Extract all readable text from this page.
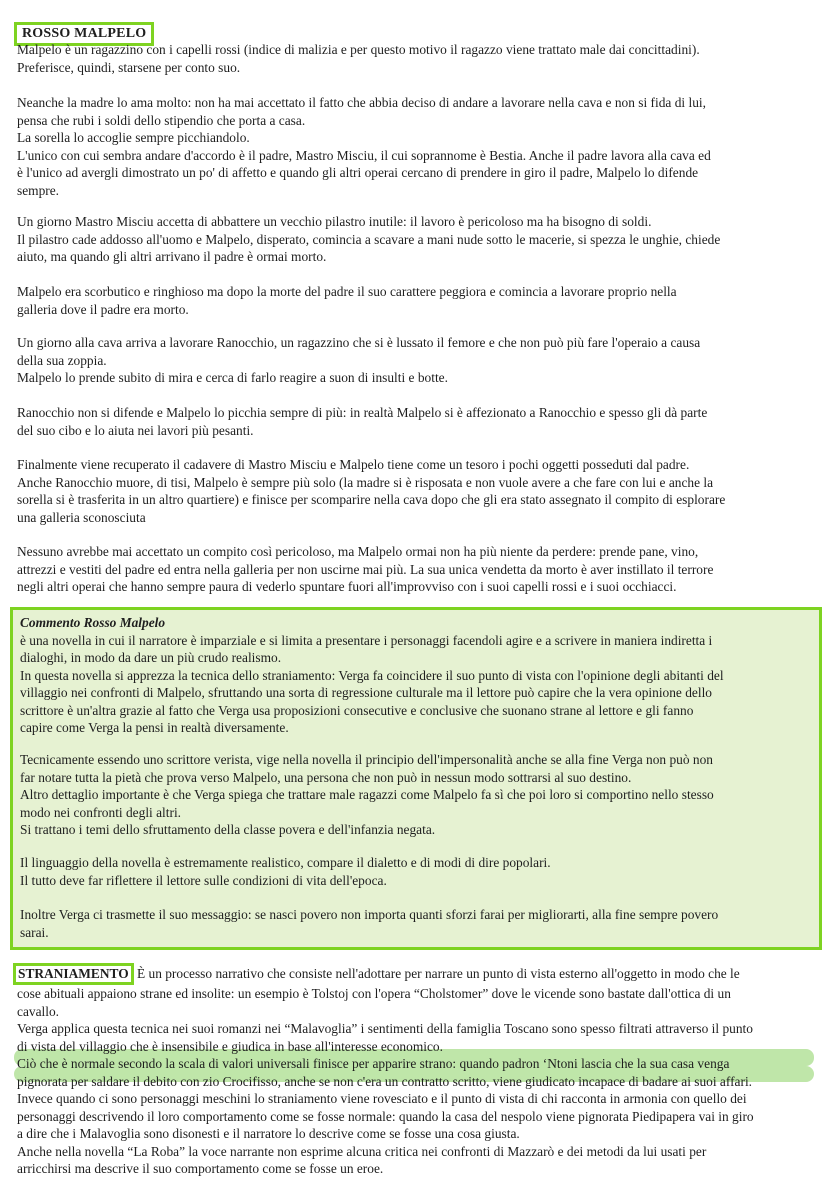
ROSSO MALPELO
Malpelo è un ragazzino con i capelli rossi (indice di malizia e per questo motivo il ragazzo viene trattato male dai concittadini).
Preferisce, quindi, starsene per conto suo.
Neanche la madre lo ama molto: non ha mai accettato il fatto che abbia deciso di andare a lavorare nella cava e non si fida di lui,
pensa che rubi i soldi dello stipendio che porta a casa.
La sorella lo accoglie sempre picchiandolo.
L'unico con cui sembra andare d'accordo è il padre, Mastro Misciu, il cui soprannome è Bestia. Anche il padre lavora alla cava ed
è l'unico ad avergli dimostrato un po' di affetto e quando gli altri operai cercano di prendere in giro il padre, Malpelo lo difende
sempre.
Un giorno Mastro Misciu accetta di abbattere un vecchio pilastro inutile: il lavoro è pericoloso ma ha bisogno di soldi.
Il pilastro cade addosso all'uomo e Malpelo, disperato, comincia a scavare a mani nude sotto le macerie, si spezza le unghie, chiede
aiuto, ma quando gli altri arrivano il padre è ormai morto.
Malpelo era scorbutico e ringhioso ma dopo la morte del padre il suo carattere peggiora e comincia a lavorare proprio nella
galleria dove il padre era morto.
Un giorno alla cava arriva a lavorare Ranocchio, un ragazzino che si è lussato il femore e che non può più fare l'operaio a causa
della sua zoppia.
Malpelo lo prende subito di mira e cerca di farlo reagire a suon di insulti e botte.
Ranocchio non si difende e Malpelo lo picchia sempre di più: in realtà Malpelo si è affezionato a Ranocchio e spesso gli dà parte
del suo cibo e lo aiuta nei lavori più pesanti.
Finalmente viene recuperato il cadavere di Mastro Misciu e Malpelo tiene come un tesoro i pochi oggetti posseduti dal padre.
Anche Ranocchio muore, di tisi, Malpelo è sempre più solo (la madre si è risposata e non vuole avere a che fare con lui e anche la
sorella si è trasferita in un altro quartiere) e finisce per scomparire nella cava dopo che gli era stato assegnato il compito di esplorare
una galleria sconosciuta
Nessuno avrebbe mai accettato un compito così pericoloso, ma Malpelo ormai non ha più niente da perdere: prende pane, vino,
attrezzi e vestiti del padre ed entra nella galleria per non uscirne mai più. La sua unica vendetta da morto è aver instillato il terrore
negli altri operai che hanno sempre paura di vederlo spuntare fuori all'improvviso con i suoi capelli rossi e i suoi occhiacci.
Commento Rosso Malpelo
è una novella in cui il narratore è imparziale e si limita a presentare i personaggi facendoli agire e a scrivere in maniera indiretta i
dialoghi, in modo da dare un più crudo realismo.
In questa novella si apprezza la tecnica dello straniamento: Verga fa coincidere il suo punto di vista con l'opinione degli abitanti del
villaggio nei confronti di Malpelo, sfruttando una sorta di regressione culturale ma il lettore può capire che la vera opinione dello
scrittore è un'altra grazie al fatto che Verga usa proposizioni consecutive e conclusive che suonano strane al lettore e gli fanno
capire come Verga la pensi in realtà diversamente.
Tecnicamente essendo uno scrittore verista, vige nella novella il principio dell'impersonalità anche se alla fine Verga non può non
far notare tutta la pietà che prova verso Malpelo, una persona che non può in nessun modo sottrarsi al suo destino.
Altro dettaglio importante è che Verga spiega che trattare male ragazzi come Malpelo fa sì che poi loro si comportino nello stesso
modo nei confronti degli altri.
Si trattano i temi dello sfruttamento della classe povera e dell'infanzia negata.
Il linguaggio della novella è estremamente realistico, compare il dialetto e di modi di dire popolari.
Il tutto deve far riflettere il lettore sulle condizioni di vita dell'epoca.
Inoltre Verga ci trasmette il suo messaggio: se nasci povero non importa quanti sforzi farai per migliorarti, alla fine sempre povero
sarai.
STRANIAMENTO È un processo narrativo che consiste nell'adottare per narrare un punto di vista esterno all'oggetto in modo che le
cose abituali appaiono strane ed insolite: un esempio è Tolstoj con l'opera “Cholstomer” dove le vicende sono bastate dall'ottica di un
cavallo.
Verga applica questa tecnica nei suoi romanzi nei “Malavoglia” i sentimenti della famiglia Toscano sono spesso filtrati attraverso il punto
di vista del villaggio che è insensibile e giudica in base all'interesse economico.
Ciò che è normale secondo la scala di valori universali finisce per apparire strano: quando padron ‘Ntoni lascia che la sua casa venga
pignorata per saldare il debito con zio Crocifisso, anche se non c'era un contratto scritto, viene giudicato incapace di badare ai suoi affari.
Invece quando ci sono personaggi meschini lo straniamento viene rovesciato e il punto di vista di chi racconta in armonia con quello dei
personaggi descrivendo il loro comportamento come se fosse normale: quando la casa del nespolo viene pignorata Piedipapera vai in giro
a dire che i Malavoglia sono disonesti e il narratore lo descrive come se fosse una cosa giusta.
Anche nella novella “La Roba” la voce narrante non esprime alcuna critica nei confronti di Mazzarò e dei metodi da lui usati per
arricchirsi ma descrive il suo comportamento come se fosse un eroe.
